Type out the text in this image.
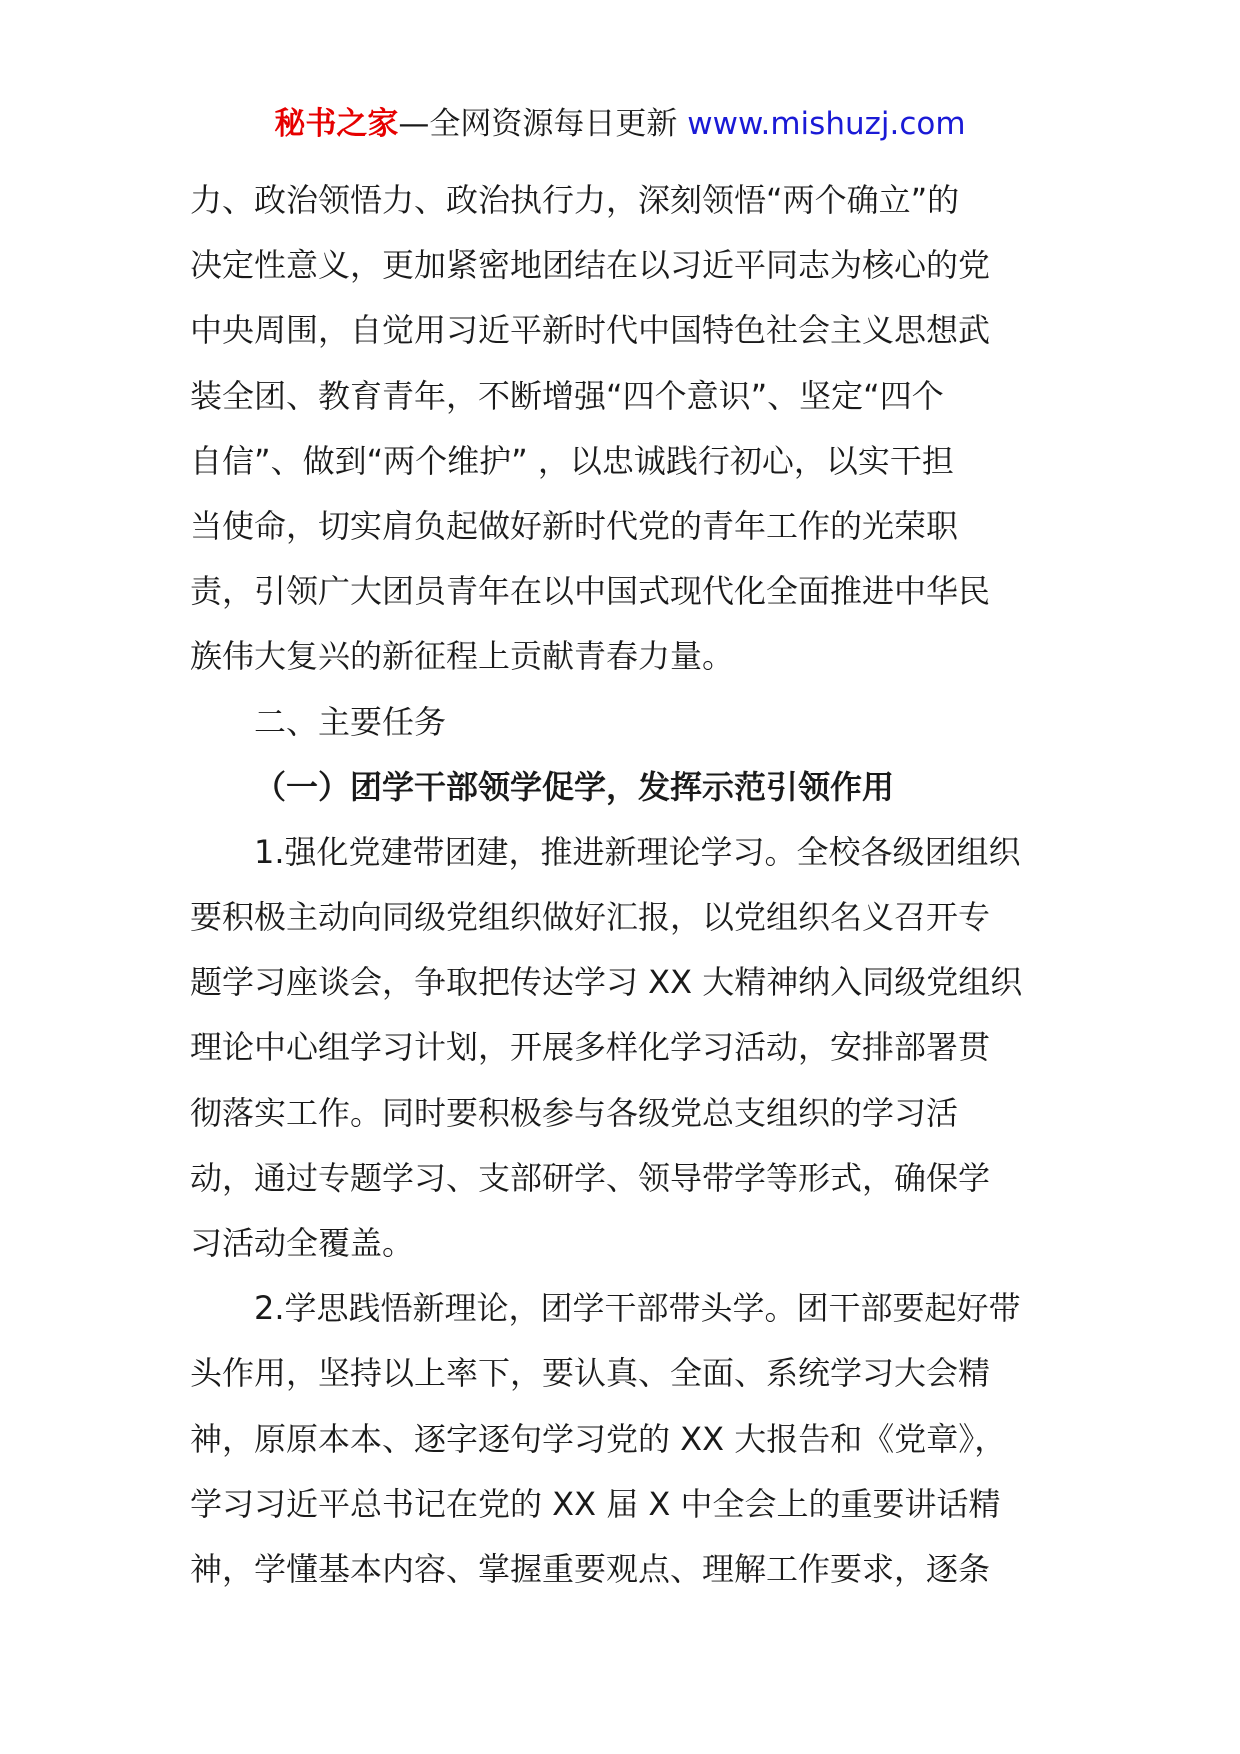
秘书之家—全网资源每日更新 www.mishuzj.com
力、政治领悟力、政治执行力，深刻领悟“两个确立”的
决定性意义，更加紧密地团结在以习近平同志为核心的党
中央周围，自觉用习近平新时代中国特色社会主义思想武
装全团、教育青年，不断增强“四个意识”、坚定“四个
自信”、做到“两个维护” ，以忠诚践行初心，以实干担
当使命，切实肩负起做好新时代党的青年工作的光荣职
责，引领广大团员青年在以中国式现代化全面推进中华民
族伟大复兴的新征程上贡献青春力量。
二、主要任务
（一）团学干部领学促学，发挥示范引领作用
1.强化党建带团建，推进新理论学习。全校各级团组织
要积极主动向同级党组织做好汇报，以党组织名义召开专
题学习座谈会，争取把传达学习 XX 大精神纳入同级党组织
理论中心组学习计划，开展多样化学习活动，安排部署贯
彻落实工作。同时要积极参与各级党总支组织的学习活
动，通过专题学习、支部研学、领导带学等形式，确保学
习活动全覆盖。
2.学思践悟新理论，团学干部带头学。团干部要起好带
头作用，坚持以上率下，要认真、全面、系统学习大会精
神，原原本本、逐字逐句学习党的 XX 大报告和《党章》，
学习习近平总书记在党的 XX 届 X 中全会上的重要讲话精
神，学懂基本内容、掌握重要观点、理解工作要求，逐条
